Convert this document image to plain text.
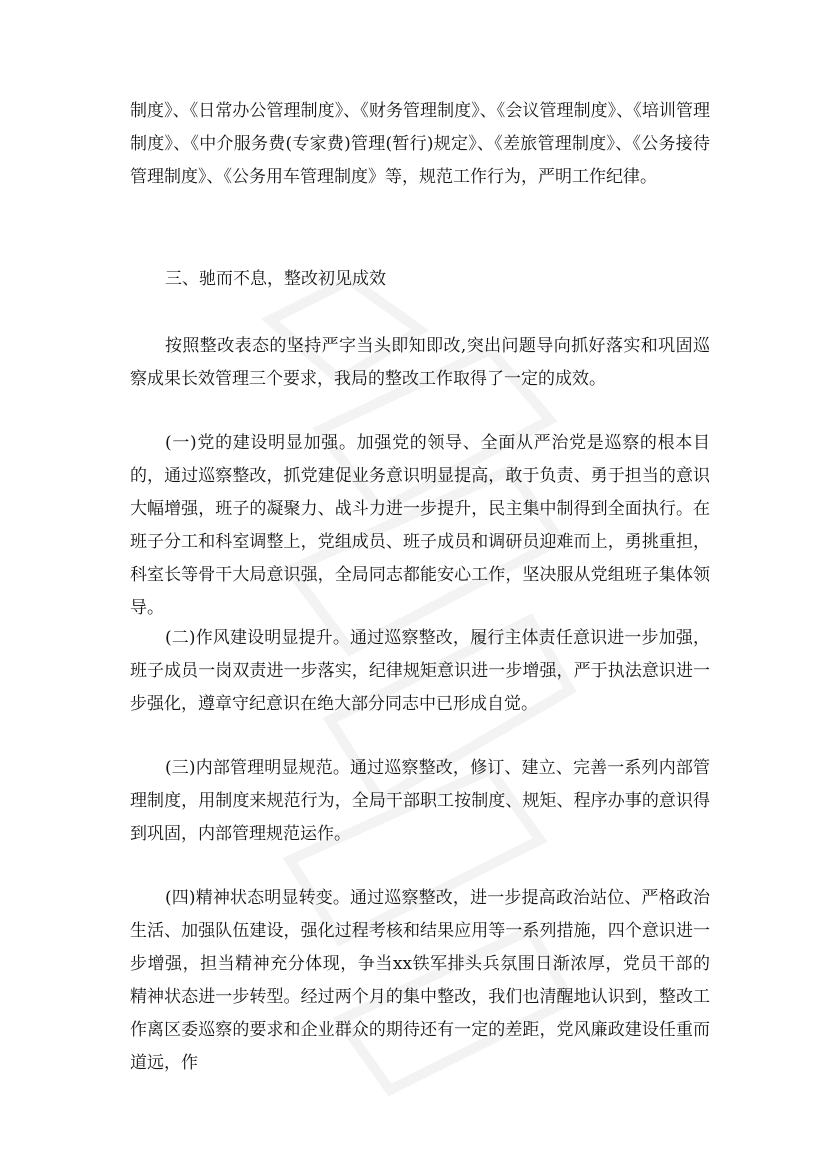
制度》、《日常办公管理制度》、《财务管理制度》、《会议管理制度》、《培训管理制度》、《中介服务费(专家费)管理(暂行)规定》、《差旅管理制度》、《公务接待管理制度》、《公务用车管理制度》等，规范工作行为，严明工作纪律。

三、驰而不息，整改初见成效

按照整改表态的坚持严字当头即知即改,突出问题导向抓好落实和巩固巡察成果长效管理三个要求，我局的整改工作取得了一定的成效。

(一)党的建设明显加强。加强党的领导、全面从严治党是巡察的根本目的，通过巡察整改，抓党建促业务意识明显提高，敢于负责、勇于担当的意识大幅增强，班子的凝聚力、战斗力进一步提升，民主集中制得到全面执行。在班子分工和科室调整上，党组成员、班子成员和调研员迎难而上，勇挑重担，科室长等骨干大局意识强，全局同志都能安心工作，坚决服从党组班子集体领导。

(二)作风建设明显提升。通过巡察整改，履行主体责任意识进一步加强，班子成员一岗双责进一步落实，纪律规矩意识进一步增强，严于执法意识进一步强化，遵章守纪意识在绝大部分同志中已形成自觉。

(三)内部管理明显规范。通过巡察整改，修订、建立、完善一系列内部管理制度，用制度来规范行为，全局干部职工按制度、规矩、程序办事的意识得到巩固，内部管理规范运作。

(四)精神状态明显转变。通过巡察整改，进一步提高政治站位、严格政治生活、加强队伍建设，强化过程考核和结果应用等一系列措施，四个意识进一步增强，担当精神充分体现，争当xx铁军排头兵氛围日渐浓厚，党员干部的精神状态进一步转型。经过两个月的集中整改，我们也清醒地认识到，整改工作离区委巡察的要求和企业群众的期待还有一定的差距，党风廉政建设任重而道远，作
